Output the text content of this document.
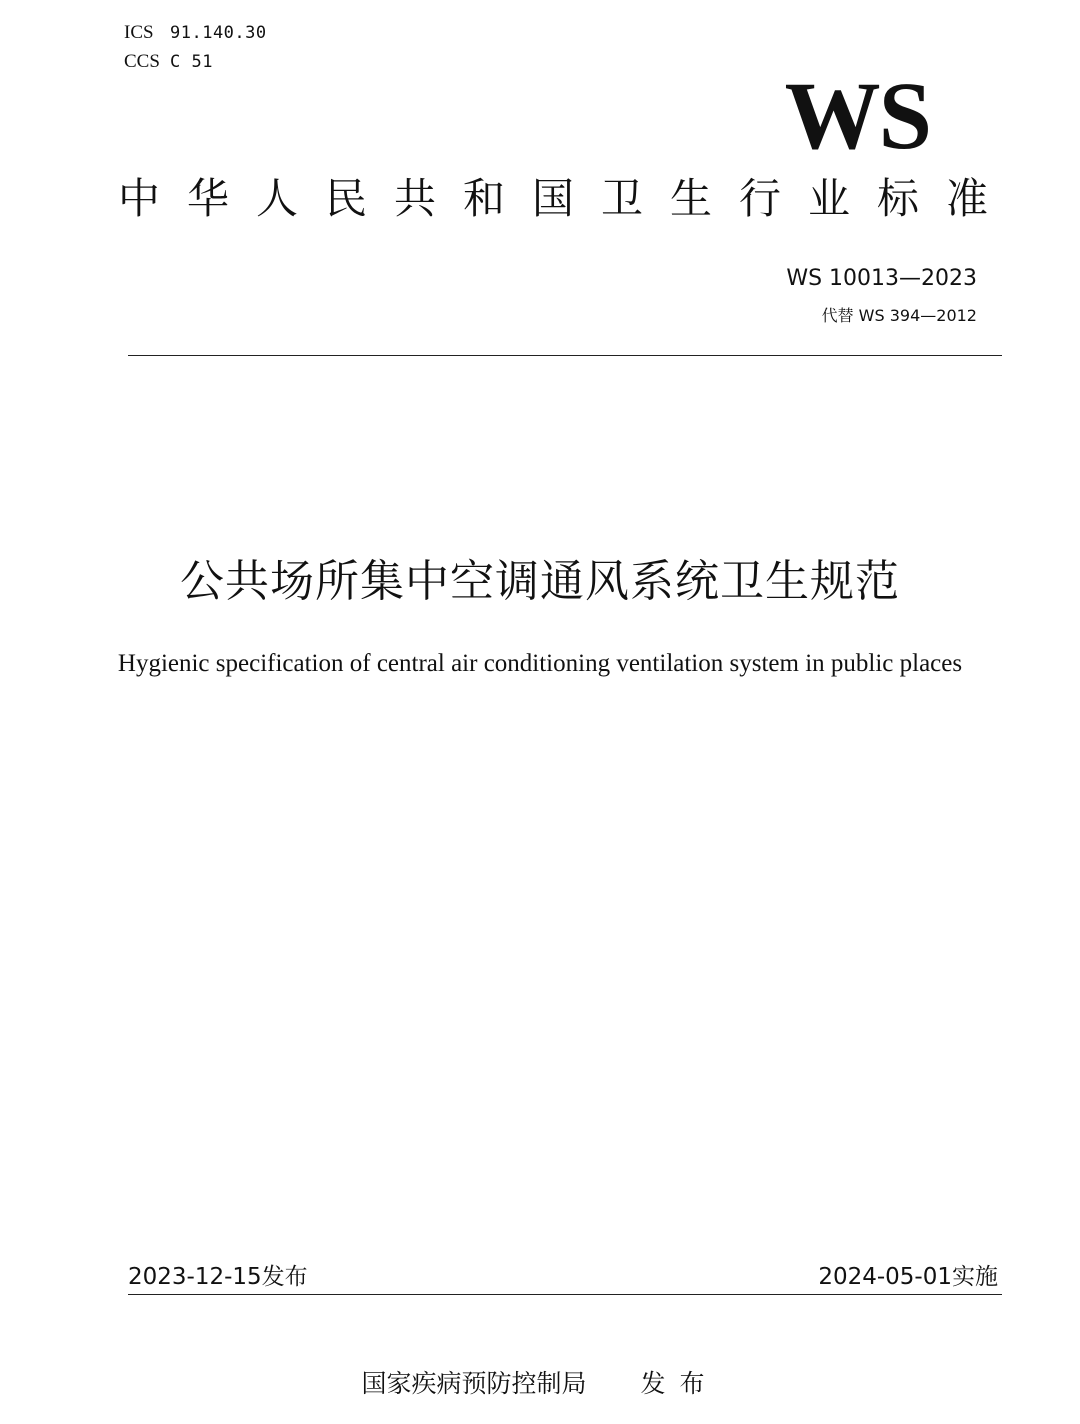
ICS 91.140.30
CCS C 51	WS
中华人民共和国卫生行业标准
WS 10013—2023
代替 WS 394—2012
公共场所集中空调通风系统卫生规范
Hygienic specification of central air conditioning ventilation system in public places
2023-12-15发布	2024-05-01实施
国家疾病预防控制局 发布
